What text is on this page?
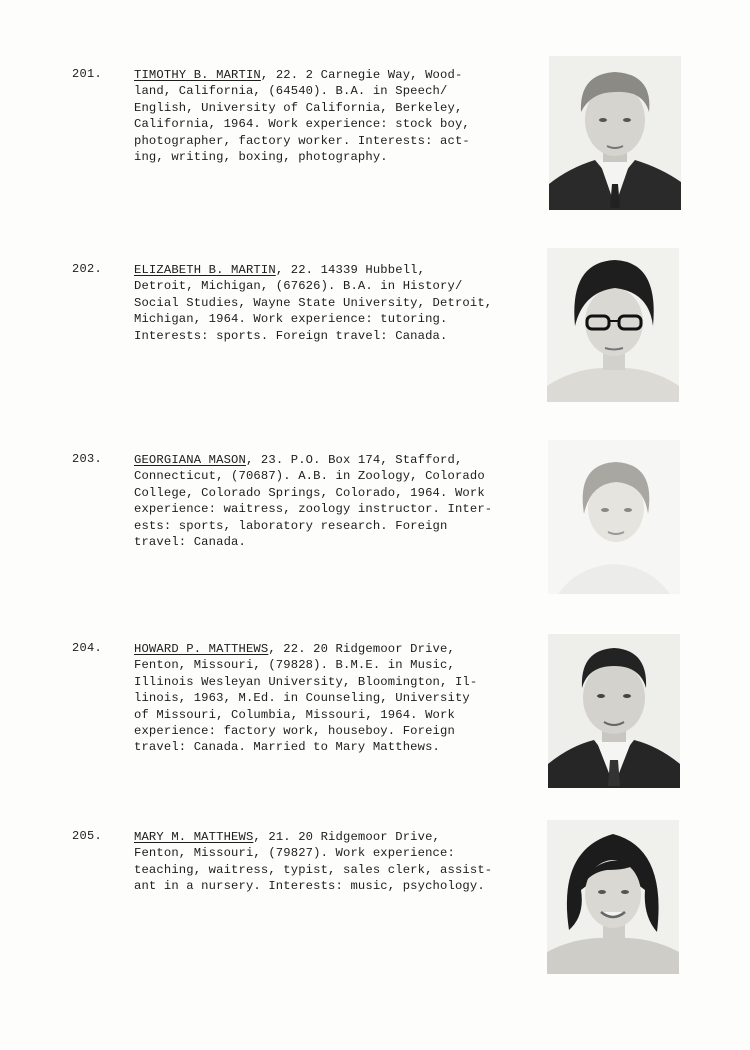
201.	TIMOTHY B. MARTIN, 22. 2 Carnegie Way, Wood-
land, California, (64540). B.A. in Speech/
English, University of California, Berkeley,
California, 1964. Work experience: stock boy,
photographer, factory worker. Interests: act-
ing, writing, boxing, photography.
202.	ELIZABETH B. MARTIN, 22. 14339 Hubbell,
Detroit, Michigan, (67626). B.A. in History/
Social Studies, Wayne State University, Detroit,
Michigan, 1964. Work experience: tutoring.
Interests: sports. Foreign travel: Canada.
203.	GEORGIANA MASON, 23. P.O. Box 174, Stafford,
Connecticut, (70687). A.B. in Zoology, Colorado
College, Colorado Springs, Colorado, 1964. Work
experience: waitress, zoology instructor. Inter-
ests: sports, laboratory research. Foreign
travel: Canada.
204.	HOWARD P. MATTHEWS, 22. 20 Ridgemoor Drive,
Fenton, Missouri, (79828). B.M.E. in Music,
Illinois Wesleyan University, Bloomington, Il-
linois, 1963, M.Ed. in Counseling, University
of Missouri, Columbia, Missouri, 1964. Work
experience: factory work, houseboy. Foreign
travel: Canada. Married to Mary Matthews.
205.	MARY M. MATTHEWS, 21. 20 Ridgemoor Drive,
Fenton, Missouri, (79827). Work experience:
teaching, waitress, typist, sales clerk, assist-
ant in a nursery. Interests: music, psychology.
